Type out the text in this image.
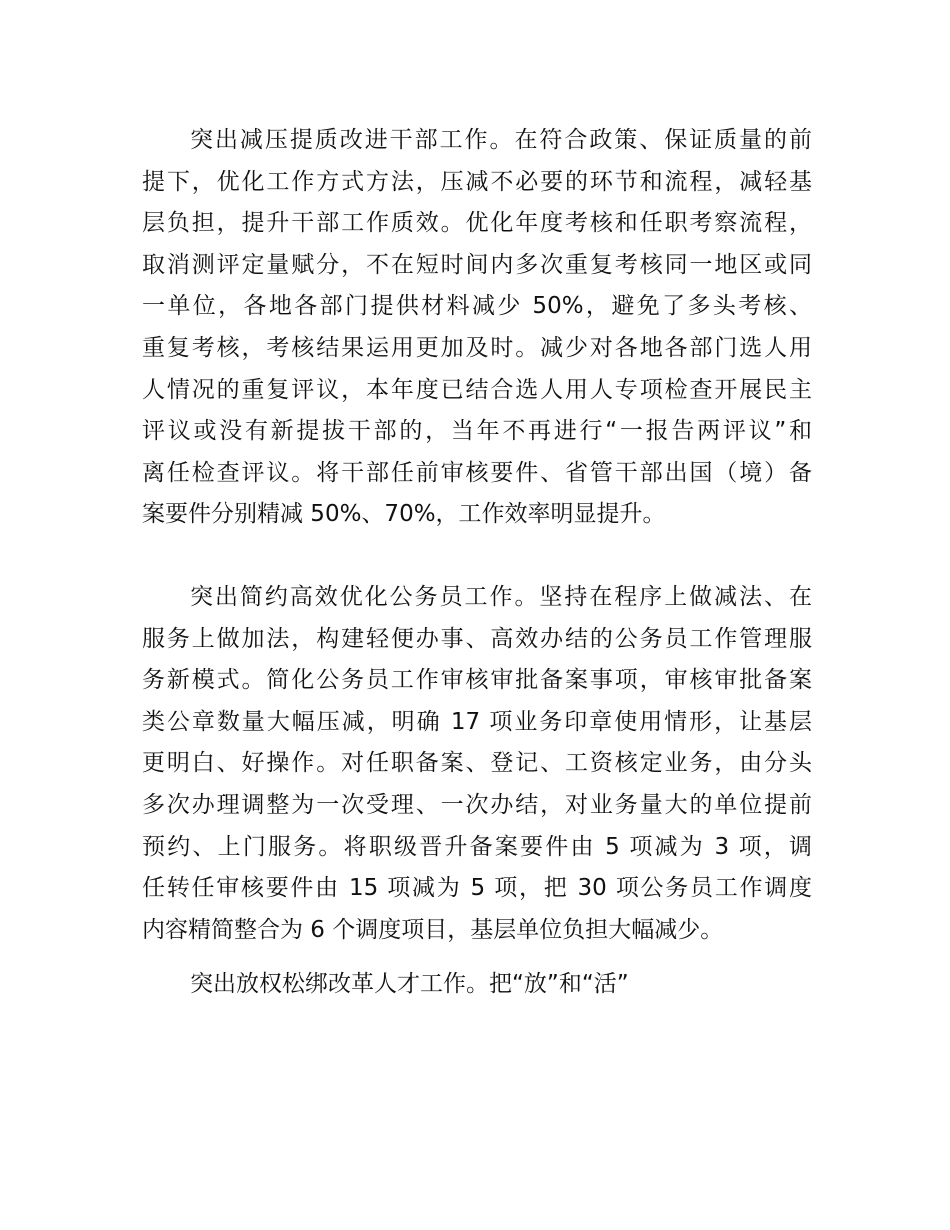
突出减压提质改进干部工作。在符合政策、保证质量的前
提下，优化工作方式方法，压减不必要的环节和流程，减轻基
层负担，提升干部工作质效。优化年度考核和任职考察流程，
取消测评定量赋分，不在短时间内多次重复考核同一地区或同
一单位，各地各部门提供材料减少 50%，避免了多头考核、
重复考核，考核结果运用更加及时。减少对各地各部门选人用
人情况的重复评议，本年度已结合选人用人专项检查开展民主
评议或没有新提拔干部的，当年不再进行“一报告两评议”和
离任检查评议。将干部任前审核要件、省管干部出国（境）备
案要件分别精减 50%、70%，工作效率明显提升。
突出简约高效优化公务员工作。坚持在程序上做减法、在
服务上做加法，构建轻便办事、高效办结的公务员工作管理服
务新模式。简化公务员工作审核审批备案事项，审核审批备案
类公章数量大幅压减，明确 17 项业务印章使用情形，让基层
更明白、好操作。对任职备案、登记、工资核定业务，由分头
多次办理调整为一次受理、一次办结，对业务量大的单位提前
预约、上门服务。将职级晋升备案要件由 5 项减为 3 项，调
任转任审核要件由 15 项减为 5 项，把 30 项公务员工作调度
内容精简整合为 6 个调度项目，基层单位负担大幅减少。
突出放权松绑改革人才工作。把“放”和“活”
